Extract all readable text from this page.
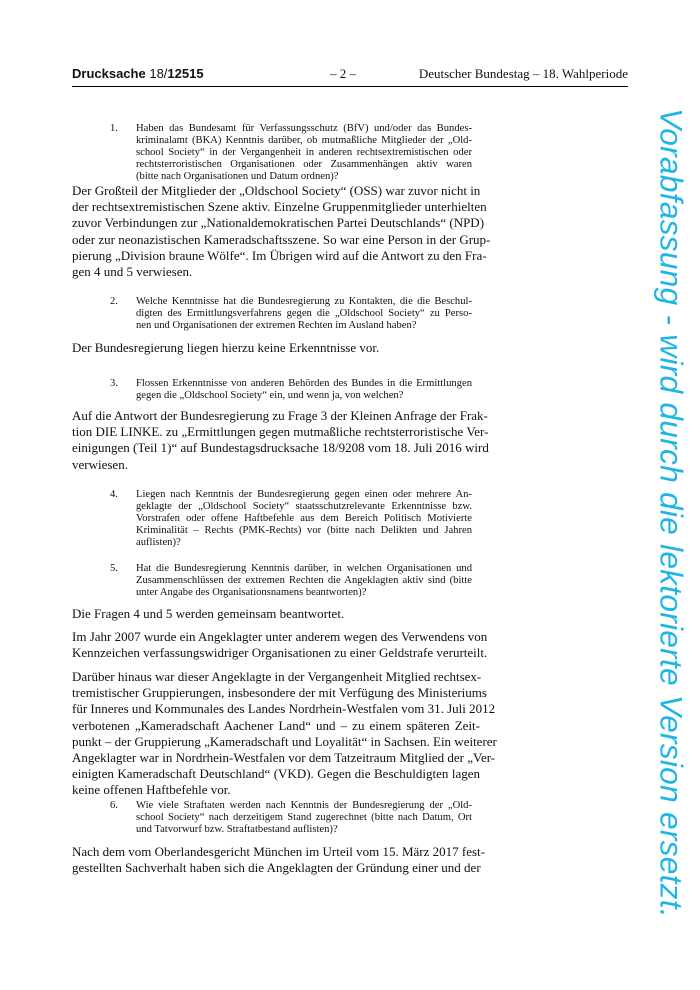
Drucksache 18/12515	– 2 –	Deutscher Bundestag – 18. Wahlperiode
1. Haben das Bundesamt für Verfassungsschutz (BfV) und/oder das Bundes-
kriminalamt (BKA) Kenntnis darüber, ob mutmaßliche Mitglieder der „Old-
school Society“ in der Vergangenheit in anderen rechtsextremistischen oder
rechtsterroristischen Organisationen oder Zusammenhängen aktiv waren
(bitte nach Organisationen und Datum ordnen)?
Der Großteil der Mitglieder der „Oldschool Society“ (OSS) war zuvor nicht in
der rechtsextremistischen Szene aktiv. Einzelne Gruppenmitglieder unterhielten
zuvor Verbindungen zur „Nationaldemokratischen Partei Deutschlands“ (NPD)
oder zur neonazistischen Kameradschaftsszene. So war eine Person in der Grup-
pierung „Division braune Wölfe“. Im Übrigen wird auf die Antwort zu den Fra-
gen 4 und 5 verwiesen.
2. Welche Kenntnisse hat die Bundesregierung zu Kontakten, die die Beschul-
digten des Ermittlungsverfahrens gegen die „Oldschool Society“ zu Perso-
nen und Organisationen der extremen Rechten im Ausland haben?
Der Bundesregierung liegen hierzu keine Erkenntnisse vor.
3. Flossen Erkenntnisse von anderen Behörden des Bundes in die Ermittlungen
gegen die „Oldschool Society“ ein, und wenn ja, von welchen?
Auf die Antwort der Bundesregierung zu Frage 3 der Kleinen Anfrage der Frak-
tion DIE LINKE. zu „Ermittlungen gegen mutmaßliche rechtsterroristische Ver-
einigungen (Teil 1)“ auf Bundestagsdrucksache 18/9208 vom 18. Juli 2016 wird
verwiesen.
4. Liegen nach Kenntnis der Bundesregierung gegen einen oder mehrere An-
geklagte der „Oldschool Society“ staatsschutzrelevante Erkenntnisse bzw.
Vorstrafen oder offene Haftbefehle aus dem Bereich Politisch Motivierte
Kriminalität – Rechts (PMK-Rechts) vor (bitte nach Delikten und Jahren
auflisten)?
5. Hat die Bundesregierung Kenntnis darüber, in welchen Organisationen und
Zusammenschlüssen der extremen Rechten die Angeklagten aktiv sind (bitte
unter Angabe des Organisationsnamens beantworten)?
Die Fragen 4 und 5 werden gemeinsam beantwortet.
Im Jahr 2007 wurde ein Angeklagter unter anderem wegen des Verwendens von
Kennzeichen verfassungswidriger Organisationen zu einer Geldstrafe verurteilt.
Darüber hinaus war dieser Angeklagte in der Vergangenheit Mitglied rechtsex-
tremistischer Gruppierungen, insbesondere der mit Verfügung des Ministeriums
für Inneres und Kommunales des Landes Nordrhein-Westfalen vom 31. Juli 2012
verbotenen „Kameradschaft Aachener Land“ und – zu einem späteren Zeit-
punkt – der Gruppierung „Kameradschaft und Loyalität“ in Sachsen. Ein weiterer
Angeklagter war in Nordrhein-Westfalen vor dem Tatzeitraum Mitglied der „Ver-
einigten Kameradschaft Deutschland“ (VKD). Gegen die Beschuldigten lagen
keine offenen Haftbefehle vor.
6. Wie viele Straftaten werden nach Kenntnis der Bundesregierung der „Old-
school Society“ nach derzeitigem Stand zugerechnet (bitte nach Datum, Ort
und Tatvorwurf bzw. Straftatbestand auflisten)?
Nach dem vom Oberlandesgericht München im Urteil vom 15. März 2017 fest-
gestellten Sachverhalt haben sich die Angeklagten der Gründung einer und der	Vorabfassung - wird durch die lektorierte Version ersetzt.
